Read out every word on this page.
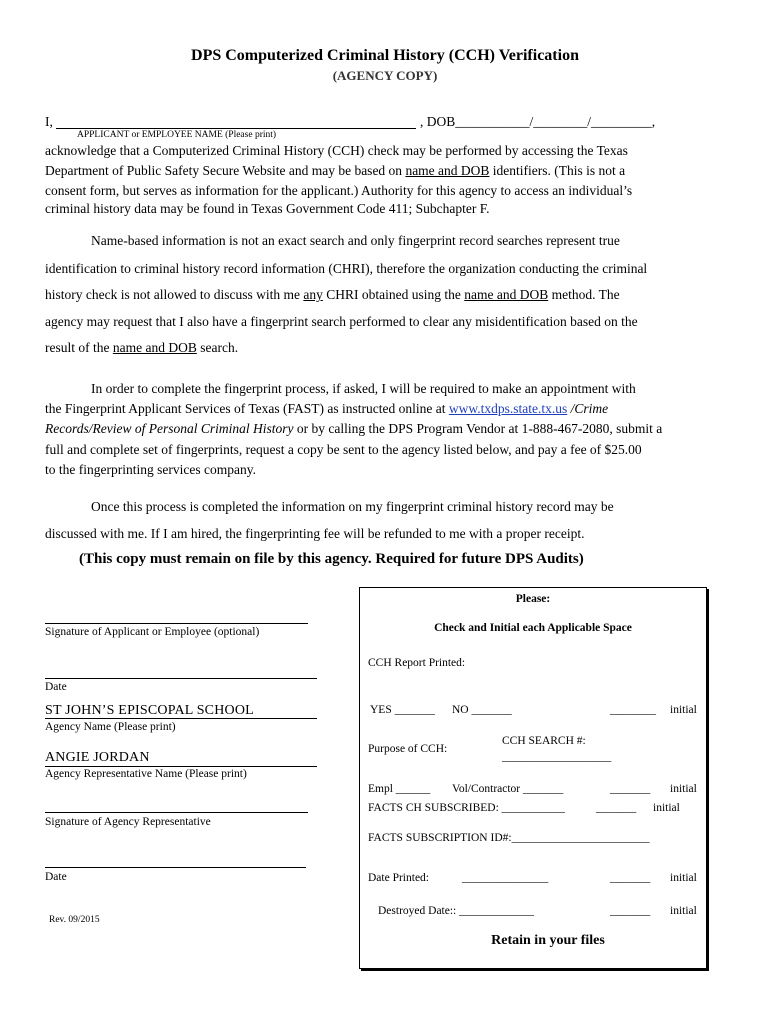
DPS Computerized Criminal History (CCH) Verification
(AGENCY COPY)
I,	, DOB___________/________/_________,
APPLICANT or EMPLOYEE NAME (Please print)
acknowledge that a Computerized Criminal History (CCH) check may be performed by accessing the Texas
Department of Public Safety Secure Website and may be based on name and DOB identifiers. (This is not a
consent form, but serves as information for the applicant.) Authority for this agency to access an individual’s
criminal history data may be found in Texas Government Code 411; Subchapter F.
Name-based information is not an exact search and only fingerprint record searches represent true
identification to criminal history record information (CHRI), therefore the organization conducting the criminal
history check is not allowed to discuss with me any CHRI obtained using the name and DOB method. The
agency may request that I also have a fingerprint search performed to clear any misidentification based on the
result of the name and DOB search.
In order to complete the fingerprint process, if asked, I will be required to make an appointment with
the Fingerprint Applicant Services of Texas (FAST) as instructed online at www.txdps.state.tx.us /Crime
Records/Review of Personal Criminal History or by calling the DPS Program Vendor at 1-888-467-2080, submit a
full and complete set of fingerprints, request a copy be sent to the agency listed below, and pay a fee of $25.00
to the fingerprinting services company.
Once this process is completed the information on my fingerprint criminal history record may be
discussed with me. If I am hired, the fingerprinting fee will be refunded to me with a proper receipt.
(This copy must remain on file by this agency. Required for future DPS Audits)
Signature of Applicant or Employee (optional)
Date
ST JOHN’S EPISCOPAL SCHOOL
Agency Name (Please print)
ANGIE JORDAN
Agency Representative Name (Please print)
Signature of Agency Representative
Date
Rev. 09/2015
Please:
Check and Initial each Applicable Space
CCH Report Printed:
YES _______ NO _______	________ initial
CCH SEARCH #:
Purpose of CCH:
___________________
Empl ______ Vol/Contractor _______	_______ initial
FACTS CH SUBSCRIBED: ___________	_______ initial
FACTS SUBSCRIPTION ID#:________________________
Date Printed:	_______________	_______ initial
Destroyed Date:: _____________	_______ initial
Retain in your files
